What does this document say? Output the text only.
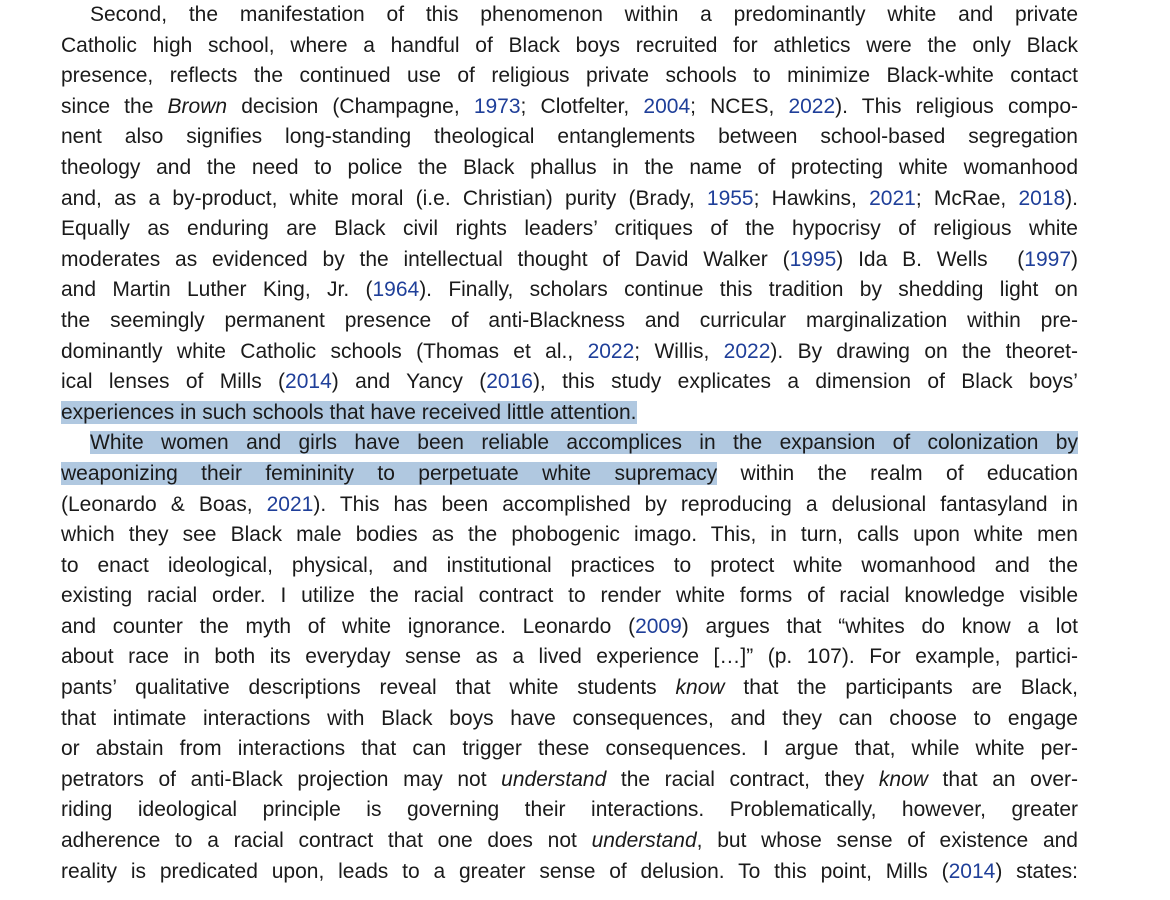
Second, the manifestation of this phenomenon within a predominantly white and private
Catholic high school, where a handful of Black boys recruited for athletics were the only Black
presence, reflects the continued use of religious private schools to minimize Black-white contact
since the Brown decision (Champagne, 1973; Clotfelter, 2004; NCES, 2022). This religious compo-
nent also signifies long-standing theological entanglements between school-based segregation
theology and the need to police the Black phallus in the name of protecting white womanhood
and, as a by-product, white moral (i.e. Christian) purity (Brady, 1955; Hawkins, 2021; McRae, 2018).
Equally as enduring are Black civil rights leaders’ critiques of the hypocrisy of religious white
moderates as evidenced by the intellectual thought of David Walker (1995) Ida B. Wells  (1997)
and Martin Luther King, Jr. (1964). Finally, scholars continue this tradition by shedding light on
the seemingly permanent presence of anti-Blackness and curricular marginalization within pre-
dominantly white Catholic schools (Thomas et al., 2022; Willis, 2022). By drawing on the theoret-
ical lenses of Mills (2014) and Yancy (2016), this study explicates a dimension of Black boys’
experiences in such schools that have received little attention.
White women and girls have been reliable accomplices in the expansion of colonization by
weaponizing their femininity to perpetuate white supremacy within the realm of education
(Leonardo & Boas, 2021). This has been accomplished by reproducing a delusional fantasyland in
which they see Black male bodies as the phobogenic imago. This, in turn, calls upon white men
to enact ideological, physical, and institutional practices to protect white womanhood and the
existing racial order. I utilize the racial contract to render white forms of racial knowledge visible
and counter the myth of white ignorance. Leonardo (2009) argues that “whites do know a lot
about race in both its everyday sense as a lived experience […]” (p. 107). For example, partici-
pants’ qualitative descriptions reveal that white students know that the participants are Black,
that intimate interactions with Black boys have consequences, and they can choose to engage
or abstain from interactions that can trigger these consequences. I argue that, while white per-
petrators of anti-Black projection may not understand the racial contract, they know that an over-
riding ideological principle is governing their interactions. Problematically, however, greater
adherence to a racial contract that one does not understand, but whose sense of existence and
reality is predicated upon, leads to a greater sense of delusion. To this point, Mills (2014) states:
